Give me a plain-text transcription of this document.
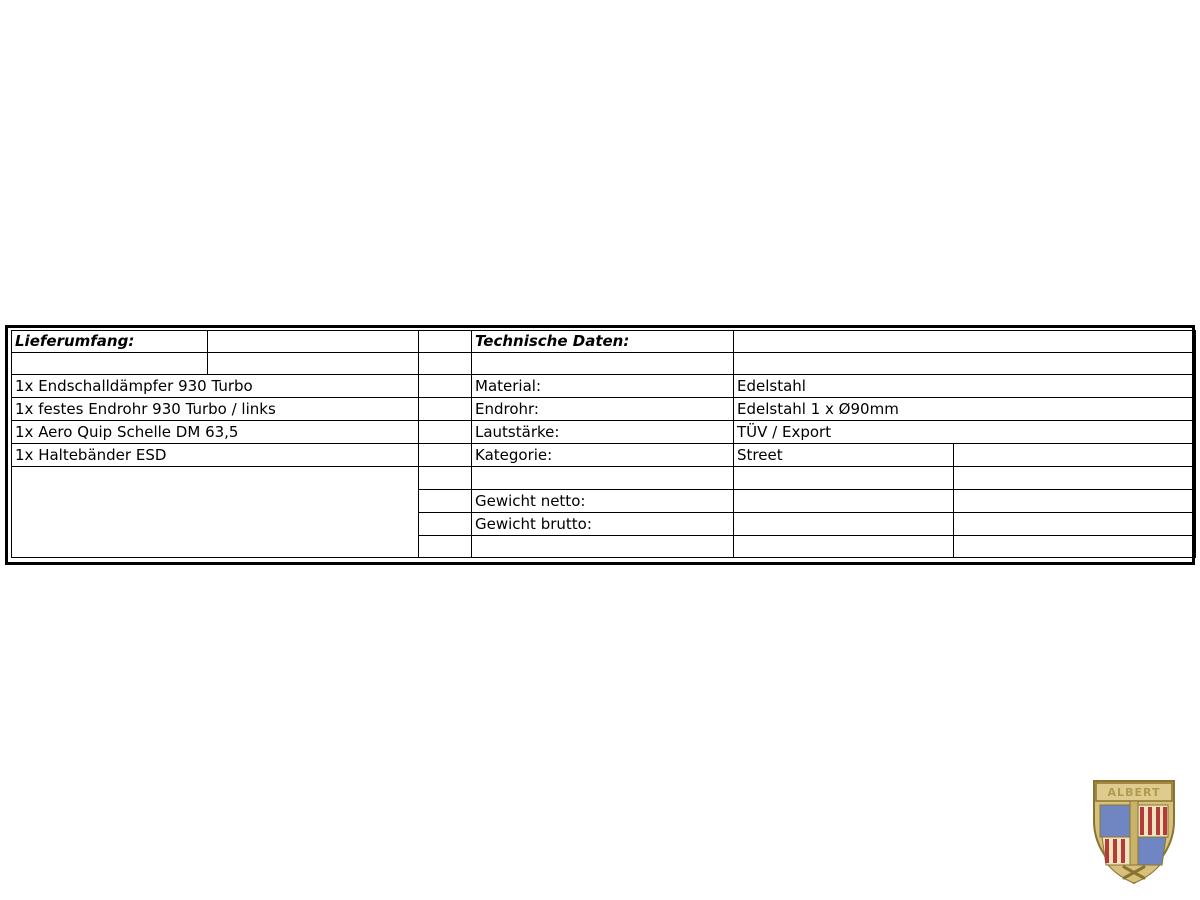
Lieferumfang:			Technische Daten:		

1x Endschalldämpfer 930 Turbo			Material:	Edelstahl	
1x festes Endrohr 930 Turbo / links			Endrohr:	Edelstahl 1 x Ø90mm	
1x Aero Quip Schelle DM 63,5			Lautstärke:	TÜV / Export	
1x Haltebänder ESD			Kategorie:	Street	

			Gewicht netto:		
			Gewicht brutto:		

ALBERT
